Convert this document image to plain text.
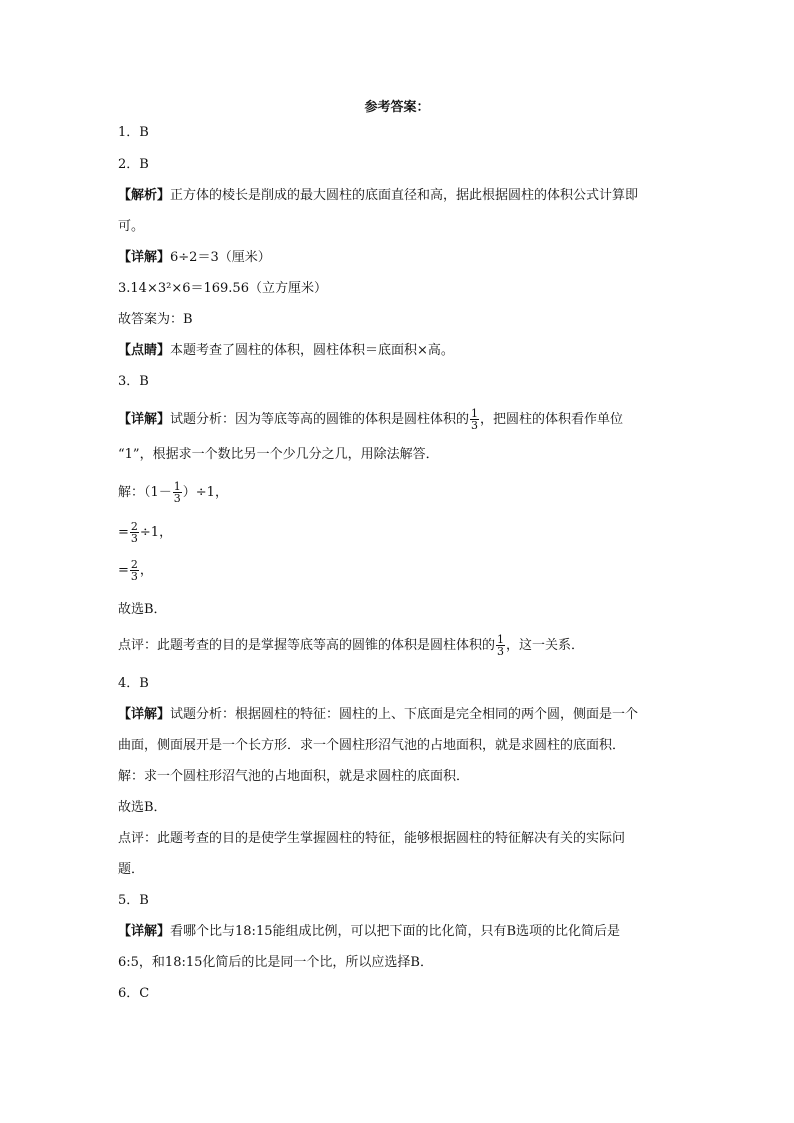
参考答案：
1．B
2．B
【解析】正方体的棱长是削成的最大圆柱的底面直径和高，据此根据圆柱的体积公式计算即
可。
【详解】6÷2＝3（厘米）
3.14×3²×6＝169.56（立方厘米）
故答案为：B
【点睛】本题考查了圆柱的体积，圆柱体积＝底面积×高。
3．B
【详解】试题分析：因为等底等高的圆锥的体积是圆柱体积的 $\frac{1}{3}$ ，把圆柱的体积看作单位
“1”，根据求一个数比另一个少几分之几，用除法解答．
解：$(1- \frac{1}{3} )\div 1$，
= $\frac{2}{3} \div 1$，
= $\frac{2}{3}$ ，
故选B．
点评：此题考查的目的是掌握等底等高的圆锥的体积是圆柱体积的 $\frac{1}{3}$ ，这一关系．
4．B
【详解】试题分析：根据圆柱的特征：圆柱的上、下底面是完全相同的两个圆，侧面是一个
曲面，侧面展开是一个长方形．求一个圆柱形沼气池的占地面积，就是求圆柱的底面积．
解：求一个圆柱形沼气池的占地面积，就是求圆柱的底面积．
故选B．
点评：此题考查的目的是使学生掌握圆柱的特征，能够根据圆柱的特征解决有关的实际问
题．
5．B
【详解】看哪个比与18:15能组成比例，可以把下面的比化简，只有B选项的比化简后是
6:5，和18:15化简后的比是同一个比，所以应选择B．
6．C
